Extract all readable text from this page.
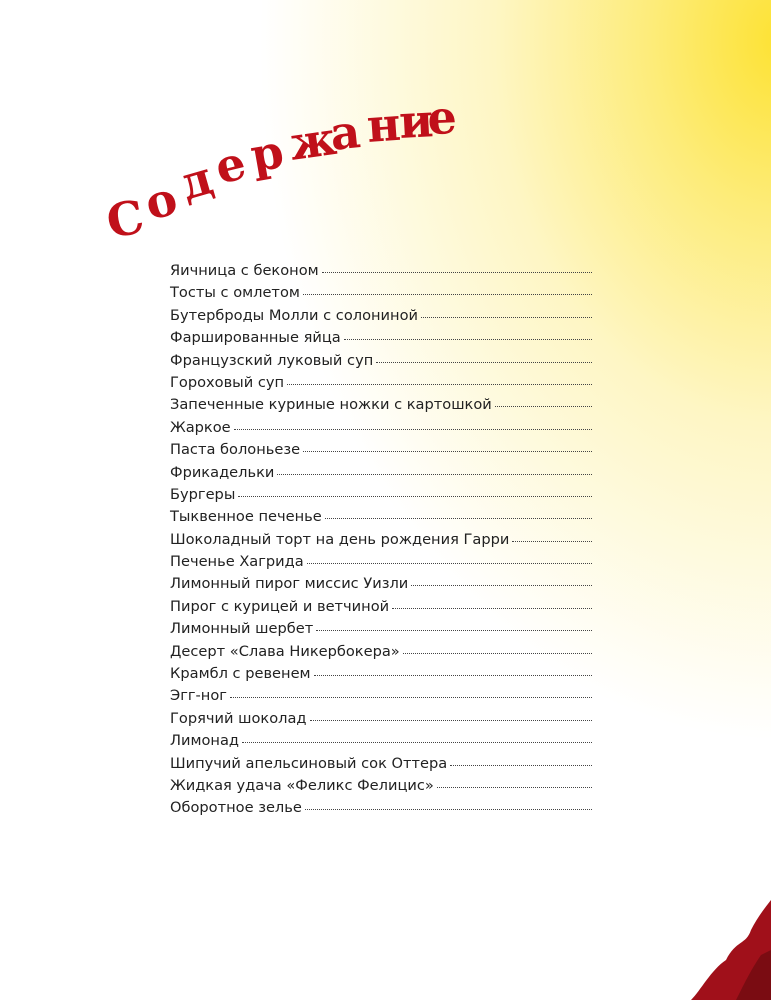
С
о
д
е
р
ж
а н
и
е
Яичница с беконом
Тосты с омлетом
Бутерброды Молли с солониной
Фаршированные яйца
Французский луковый суп
Гороховый суп
Запеченные куриные ножки с картошкой
Жаркое
Паста болоньезе
Фрикадельки
Бургеры
Тыквенное печенье
Шоколадный торт на день рождения Гарри
Печенье Хагрида
Лимонный пирог миссис Уизли
Пирог с курицей и ветчиной
Лимонный шербет
Десерт «Слава Никербокера»
Крамбл с ревенем
Эгг-ног
Горячий шоколад
Лимонад
Шипучий апельсиновый сок Оттера
Жидкая удача «Феликс Фелицис»
Оборотное зелье
